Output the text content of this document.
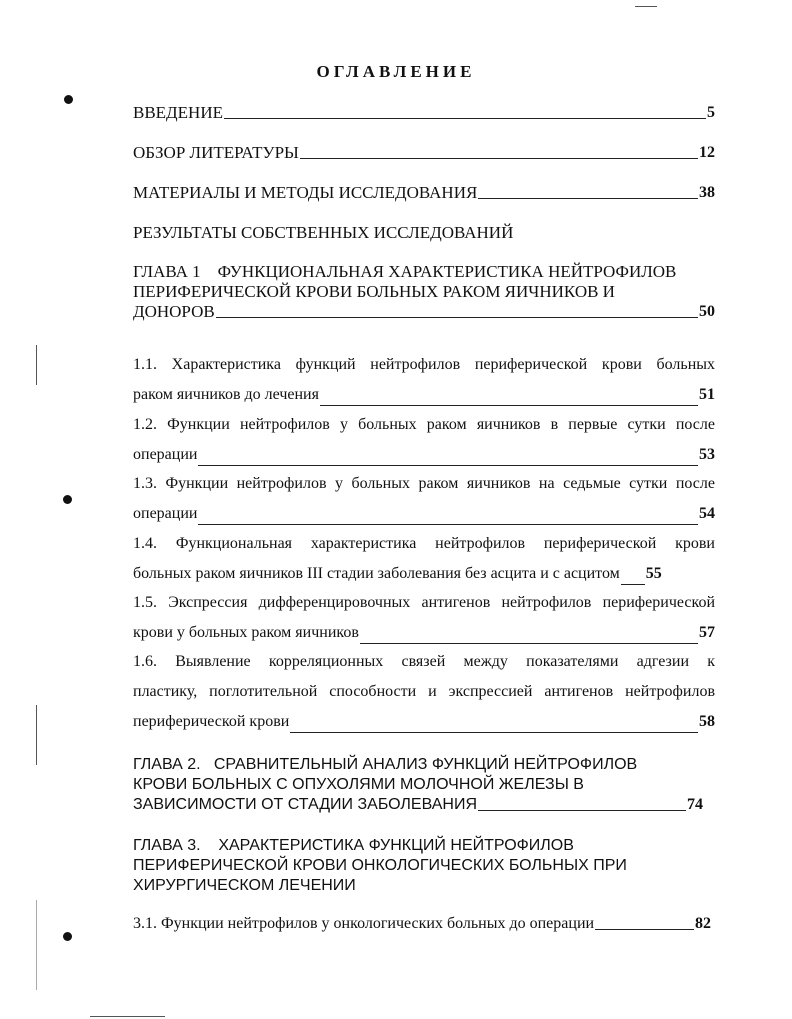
ОГЛАВЛЕНИЕ
ВВЕДЕНИЕ	5
ОБЗОР ЛИТЕРАТУРЫ	12
МАТЕРИАЛЫ И МЕТОДЫ ИССЛЕДОВАНИЯ	38
РЕЗУЛЬТАТЫ СОБСТВЕННЫХ ИССЛЕДОВАНИЙ
ГЛАВА 1    ФУНКЦИОНАЛЬНАЯ ХАРАКТЕРИСТИКА НЕЙТРОФИЛОВ
ПЕРИФЕРИЧЕСКОЙ КРОВИ БОЛЬНЫХ РАКОМ ЯИЧНИКОВ И
ДОНОРОВ	50
1.1. Характеристика функций нейтрофилов периферической крови больных
раком яичников до лечения	51
1.2. Функции нейтрофилов у больных раком яичников в первые сутки после
операции	53
1.3. Функции нейтрофилов у больных раком яичников на седьмые сутки после
операции	54
1.4. Функциональная характеристика нейтрофилов периферической крови
больных раком яичников III стадии заболевания без асцита и с асцитом 55
1.5. Экспрессия дифференцировочных антигенов нейтрофилов периферической
крови у больных раком яичников	57
1.6. Выявление корреляционных связей между показателями адгезии к
пластику, поглотительной способности и экспрессией антигенов нейтрофилов
периферической крови	58
ГЛАВА 2.   СРАВНИТЕЛЬНЫЙ АНАЛИЗ ФУНКЦИЙ НЕЙТРОФИЛОВ
КРОВИ БОЛЬНЫХ С ОПУХОЛЯМИ МОЛОЧНОЙ ЖЕЛЕЗЫ В
ЗАВИСИМОСТИ ОТ СТАДИИ ЗАБОЛЕВАНИЯ	74
ГЛАВА 3.    ХАРАКТЕРИСТИКА ФУНКЦИЙ НЕЙТРОФИЛОВ
ПЕРИФЕРИЧЕСКОЙ КРОВИ ОНКОЛОГИЧЕСКИХ БОЛЬНЫХ ПРИ
ХИРУРГИЧЕСКОМ ЛЕЧЕНИИ
3.1. Функции нейтрофилов у онкологических больных до операции	82
